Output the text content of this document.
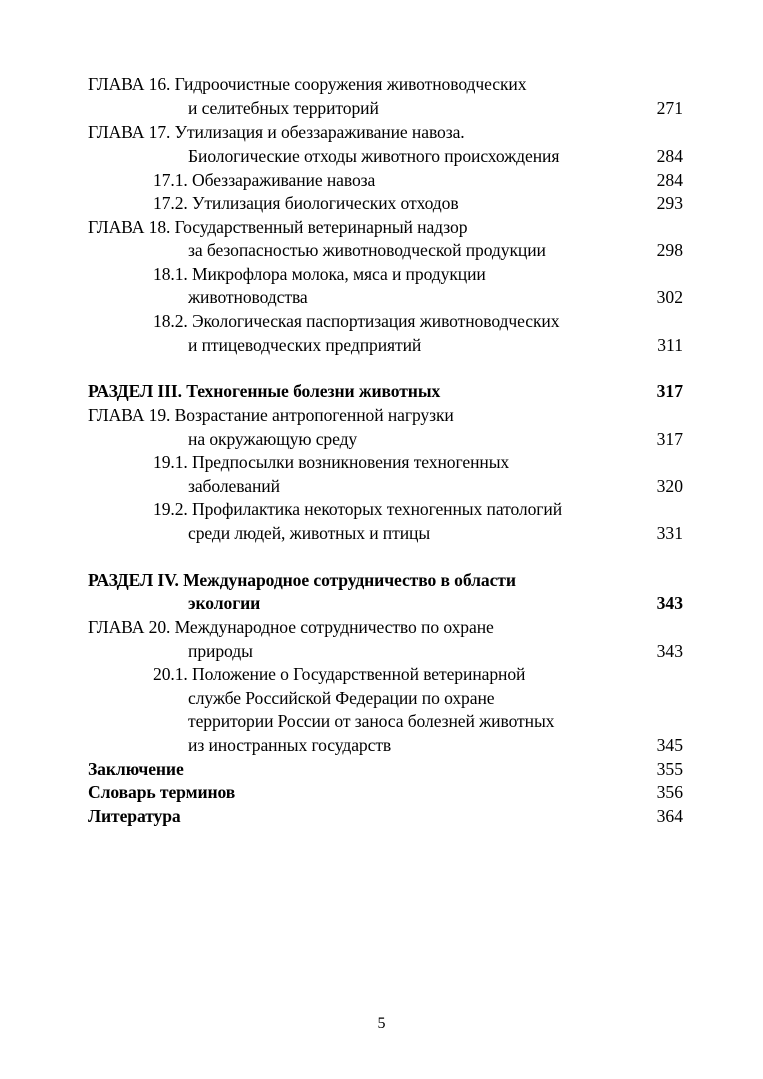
ГЛАВА 16. Гидроочистные сооружения животноводческих
и селитебных территорий	271
ГЛАВА 17. Утилизация и обеззараживание навоза.
Биологические отходы животного происхождения	284
17.1. Обеззараживание навоза	284
17.2. Утилизация биологических отходов	293
ГЛАВА 18. Государственный ветеринарный надзор
за безопасностью животноводческой продукции	298
18.1. Микрофлора молока, мяса и продукции
животноводства	302
18.2. Экологическая паспортизация животноводческих
и птицеводческих предприятий	311
РАЗДЕЛ III. Техногенные болезни животных	317
ГЛАВА 19. Возрастание антропогенной нагрузки
на окружающую среду	317
19.1. Предпосылки возникновения техногенных
заболеваний	320
19.2. Профилактика некоторых техногенных патологий
среди людей, животных и птицы	331
РАЗДЕЛ IV. Международное сотрудничество в области
экологии	343
ГЛАВА 20. Международное сотрудничество по охране
природы	343
20.1. Положение о Государственной ветеринарной
службе Российской Федерации по охране
территории России от заноса болезней животных
из иностранных государств	345
Заключение	355
Словарь терминов	356
Литература	364
5
